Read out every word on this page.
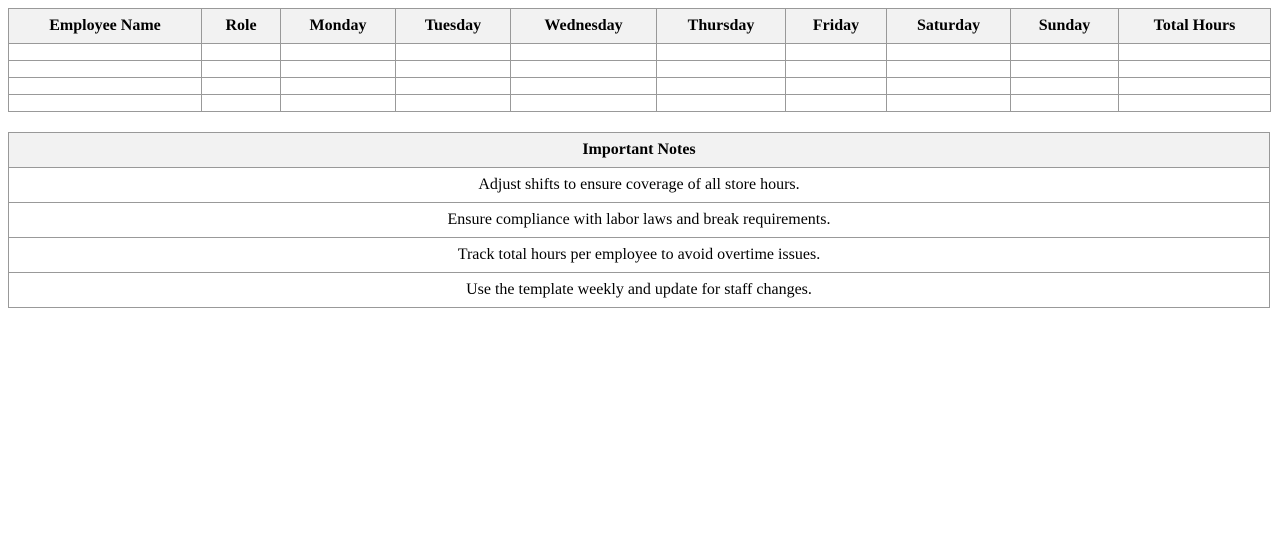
Employee Name	Role	Monday	Tuesday	Wednesday	Thursday	Friday	Saturday	Sunday	Total Hours

Important Notes
Adjust shifts to ensure coverage of all store hours.
Ensure compliance with labor laws and break requirements.
Track total hours per employee to avoid overtime issues.
Use the template weekly and update for staff changes.
